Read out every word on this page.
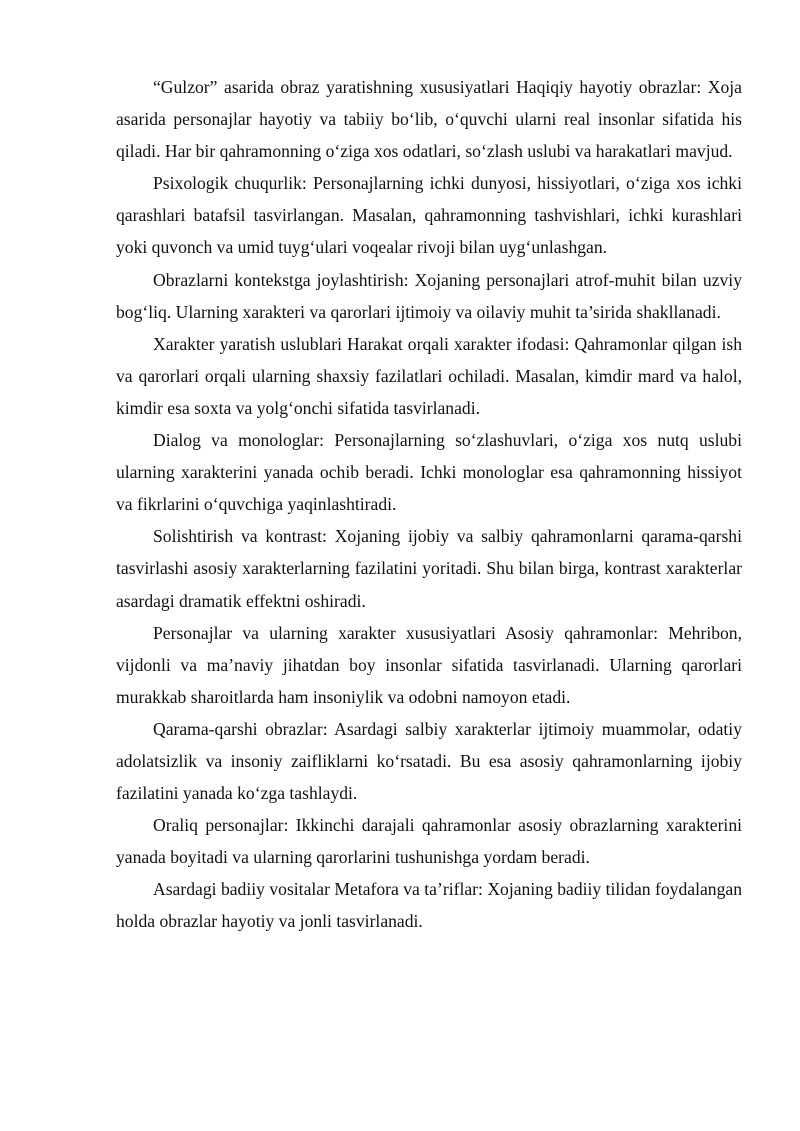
“Gulzor” asarida obraz yaratishning xususiyatlari Haqiqiy hayotiy obrazlar: Xoja asarida personajlar hayotiy va tabiiy bo‘lib, o‘quvchi ularni real insonlar sifatida his qiladi. Har bir qahramonning o‘ziga xos odatlari, so‘zlash uslubi va harakatlari mavjud.

Psixologik chuqurlik: Personajlarning ichki dunyosi, hissiyotlari, o‘ziga xos ichki qarashlari batafsil tasvirlangan. Masalan, qahramonning tashvishlari, ichki kurashlari yoki quvonch va umid tuyg‘ulari voqealar rivoji bilan uyg‘unlashgan.

Obrazlarni kontekstga joylashtirish: Xojaning personajlari atrof-muhit bilan uzviy bog‘liq. Ularning xarakteri va qarorlari ijtimoiy va oilaviy muhit ta’sirida shakllanadi.

Xarakter yaratish uslublari Harakat orqali xarakter ifodasi: Qahramonlar qilgan ish va qarorlari orqali ularning shaxsiy fazilatlari ochiladi. Masalan, kimdir mard va halol, kimdir esa soxta va yolg‘onchi sifatida tasvirlanadi.

Dialog va monologlar: Personajlarning so‘zlashuvlari, o‘ziga xos nutq uslubi ularning xarakterini yanada ochib beradi. Ichki monologlar esa qahramonning hissiyot va fikrlarini o‘quvchiga yaqinlashtiradi.

Solishtirish va kontrast: Xojaning ijobiy va salbiy qahramonlarni qarama-qarshi tasvirlashi asosiy xarakterlarning fazilatini yoritadi. Shu bilan birga, kontrast xarakterlar asardagi dramatik effektni oshiradi.

Personajlar va ularning xarakter xususiyatlari Asosiy qahramonlar: Mehribon, vijdonli va ma’naviy jihatdan boy insonlar sifatida tasvirlanadi. Ularning qarorlari murakkab sharoitlarda ham insoniylik va odobni namoyon etadi.

Qarama-qarshi obrazlar: Asardagi salbiy xarakterlar ijtimoiy muammolar, odatiy adolatsizlik va insoniy zaifliklarni ko‘rsatadi. Bu esa asosiy qahramonlarning ijobiy fazilatini yanada ko‘zga tashlaydi.

Oraliq personajlar: Ikkinchi darajali qahramonlar asosiy obrazlarning xarakterini yanada boyitadi va ularning qarorlarini tushunishga yordam beradi.

Asardagi badiiy vositalar Metafora va ta’riflar: Xojaning badiiy tilidan foydalangan holda obrazlar hayotiy va jonli tasvirlanadi.
